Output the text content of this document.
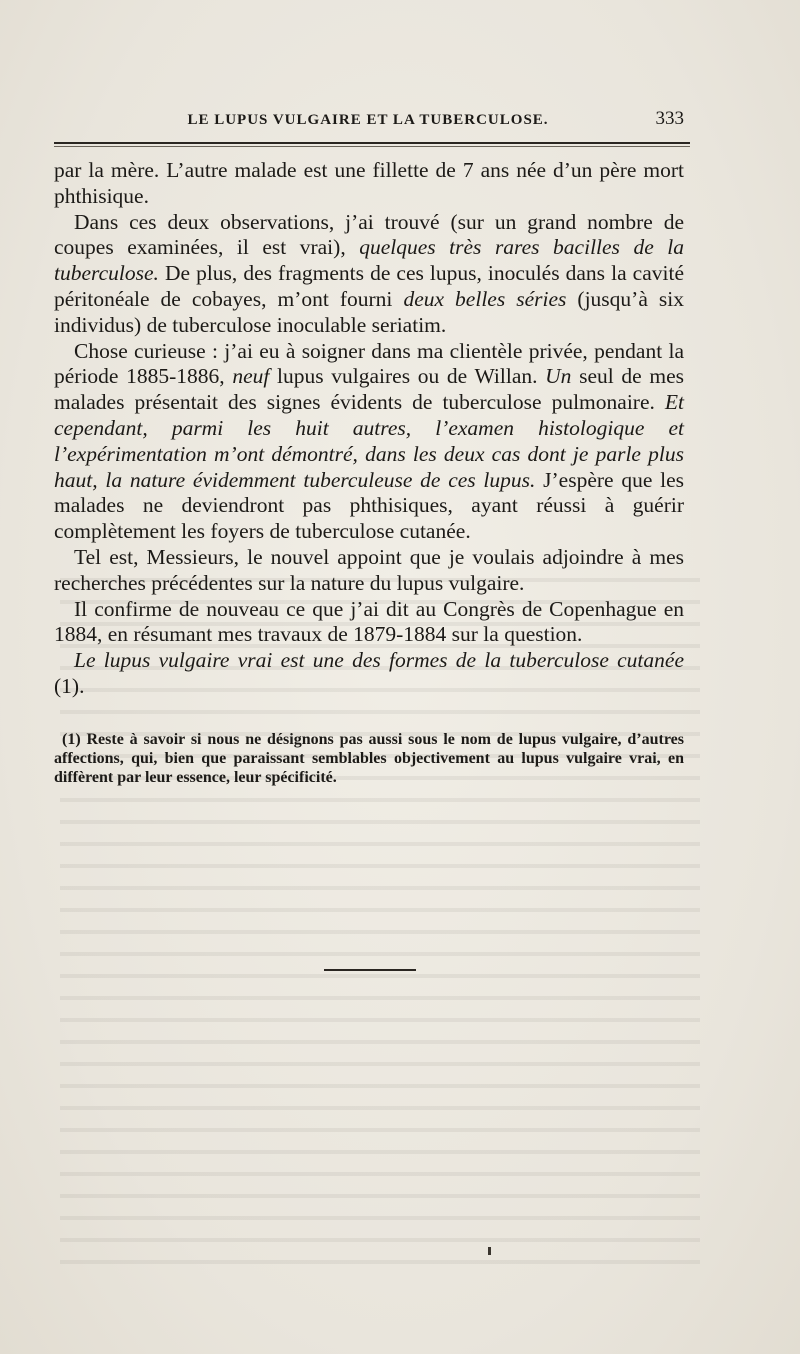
LE LUPUS VULGAIRE ET LA TUBERCULOSE.	333

par la mère. L’autre malade est une fillette de 7 ans née d’un père mort phthisique.

Dans ces deux observations, j’ai trouvé (sur un grand nombre de coupes examinées, il est vrai), quelques très rares bacilles de la tuberculose. De plus, des fragments de ces lupus, inoculés dans la cavité péritonéale de cobayes, m’ont fourni deux belles séries (jusqu’à six individus) de tuberculose inoculable seriatim.

Chose curieuse : j’ai eu à soigner dans ma clientèle privée, pendant la période 1885-1886, neuf lupus vulgaires ou de Willan. Un seul de mes malades présentait des signes évidents de tuberculose pulmonaire. Et cependant, parmi les huit autres, l’examen histologique et l’expérimentation m’ont démontré, dans les deux cas dont je parle plus haut, la nature évidemment tuberculeuse de ces lupus. J’espère que les malades ne deviendront pas phthisiques, ayant réussi à guérir complètement les foyers de tuberculose cutanée.

Tel est, Messieurs, le nouvel appoint que je voulais adjoindre à mes recherches précédentes sur la nature du lupus vulgaire.

Il confirme de nouveau ce que j’ai dit au Congrès de Copenhague en 1884, en résumant mes travaux de 1879-1884 sur la question.

Le lupus vulgaire vrai est une des formes de la tuberculose cutanée (1).

(1) Reste à savoir si nous ne désignons pas aussi sous le nom de lupus vulgaire, d’autres affections, qui, bien que paraissant semblables objectivement au lupus vulgaire vrai, en diffèrent par leur essence, leur spécificité.
